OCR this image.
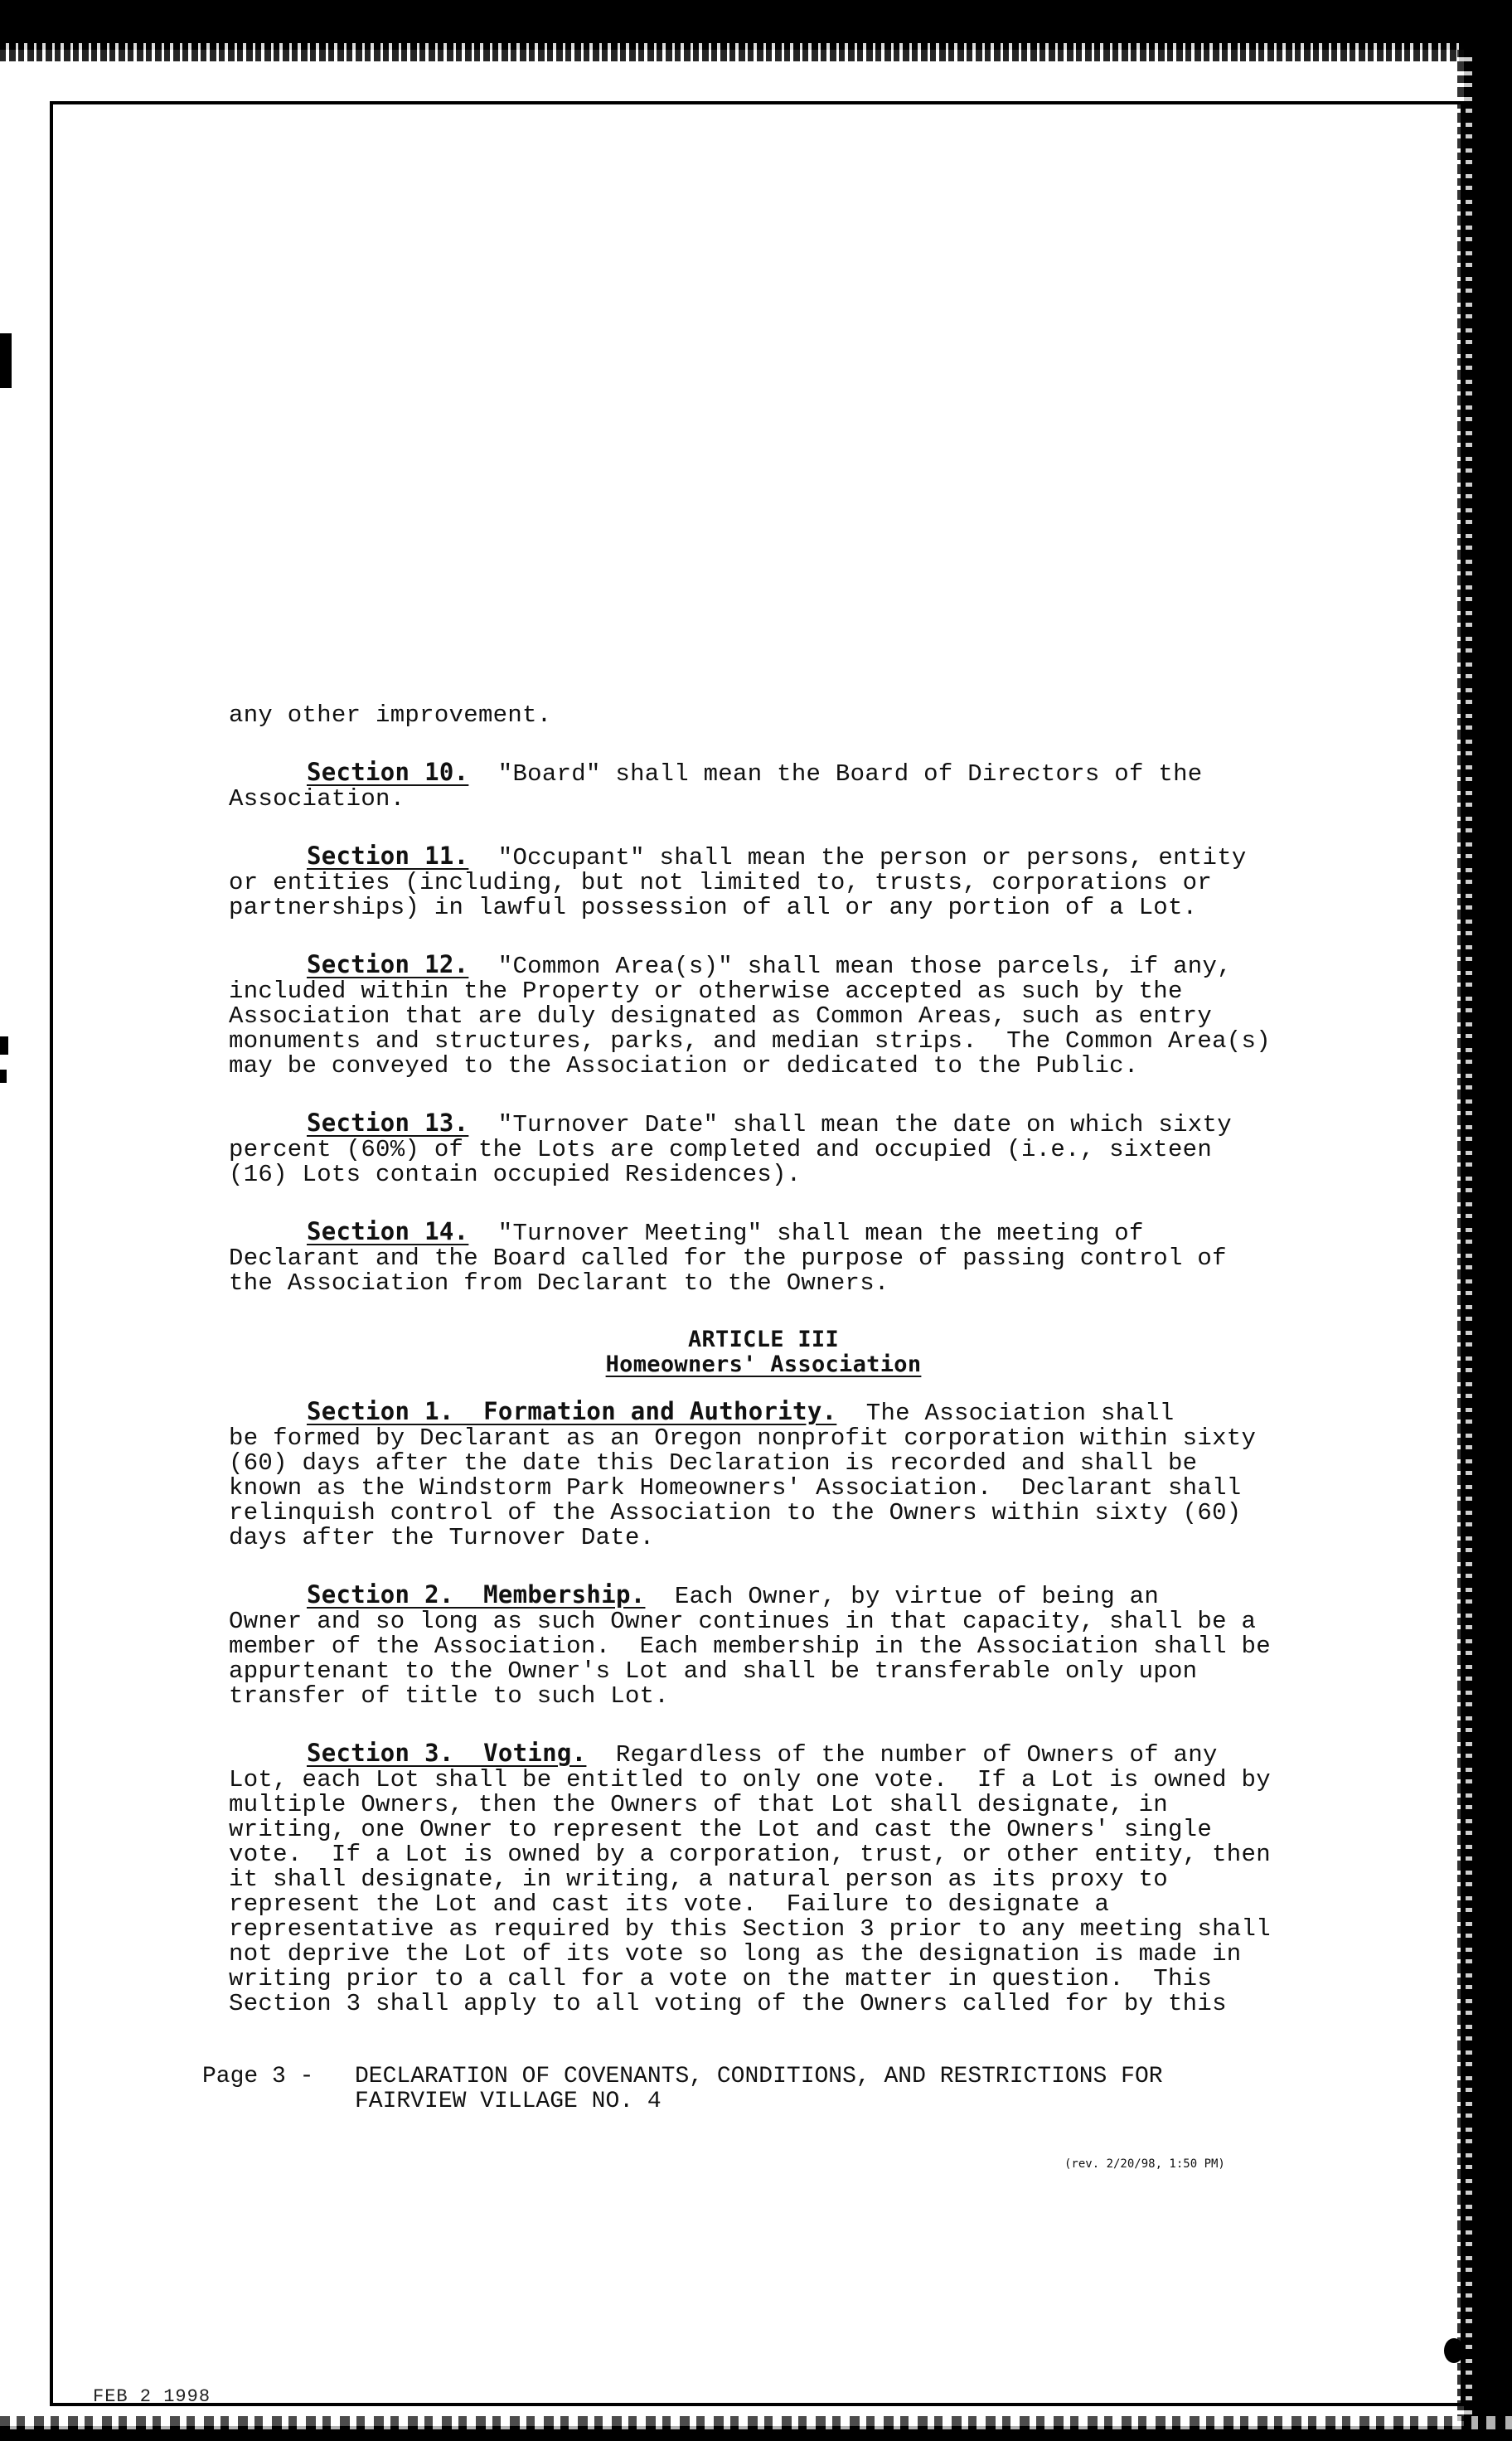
any other improvement.
Section 10. "Board" shall mean the Board of Directors of the
Association.
Section 11. "Occupant" shall mean the person or persons, entity
or entities (including, but not limited to, trusts, corporations or
partnerships) in lawful possession of all or any portion of a Lot.
Section 12. "Common Area(s)" shall mean those parcels, if any,
included within the Property or otherwise accepted as such by the
Association that are duly designated as Common Areas, such as entry
monuments and structures, parks, and median strips.  The Common Area(s)
may be conveyed to the Association or dedicated to the Public.
Section 13. "Turnover Date" shall mean the date on which sixty
percent (60%) of the Lots are completed and occupied (i.e., sixteen
(16) Lots contain occupied Residences).
Section 14. "Turnover Meeting" shall mean the meeting of
Declarant and the Board called for the purpose of passing control of
the Association from Declarant to the Owners.
ARTICLE III
Homeowners' Association
Section 1.  Formation and Authority. The Association shall
be formed by Declarant as an Oregon nonprofit corporation within sixty
(60) days after the date this Declaration is recorded and shall be
known as the Windstorm Park Homeowners' Association.  Declarant shall
relinquish control of the Association to the Owners within sixty (60)
days after the Turnover Date.
Section 2.  Membership. Each Owner, by virtue of being an
Owner and so long as such Owner continues in that capacity, shall be a
member of the Association.  Each membership in the Association shall be
appurtenant to the Owner's Lot and shall be transferable only upon
transfer of title to such Lot.
Section 3.  Voting. Regardless of the number of Owners of any
Lot, each Lot shall be entitled to only one vote.  If a Lot is owned by
multiple Owners, then the Owners of that Lot shall designate, in
writing, one Owner to represent the Lot and cast the Owners' single
vote.  If a Lot is owned by a corporation, trust, or other entity, then
it shall designate, in writing, a natural person as its proxy to
represent the Lot and cast its vote.  Failure to designate a
representative as required by this Section 3 prior to any meeting shall
not deprive the Lot of its vote so long as the designation is made in
writing prior to a call for a vote on the matter in question.  This
Section 3 shall apply to all voting of the Owners called for by this
Page 3 - DECLARATION OF COVENANTS, CONDITIONS, AND RESTRICTIONS FOR
FAIRVIEW VILLAGE NO. 4
(rev. 2/20/98, 1:50 PM)
FEB 2 1998
